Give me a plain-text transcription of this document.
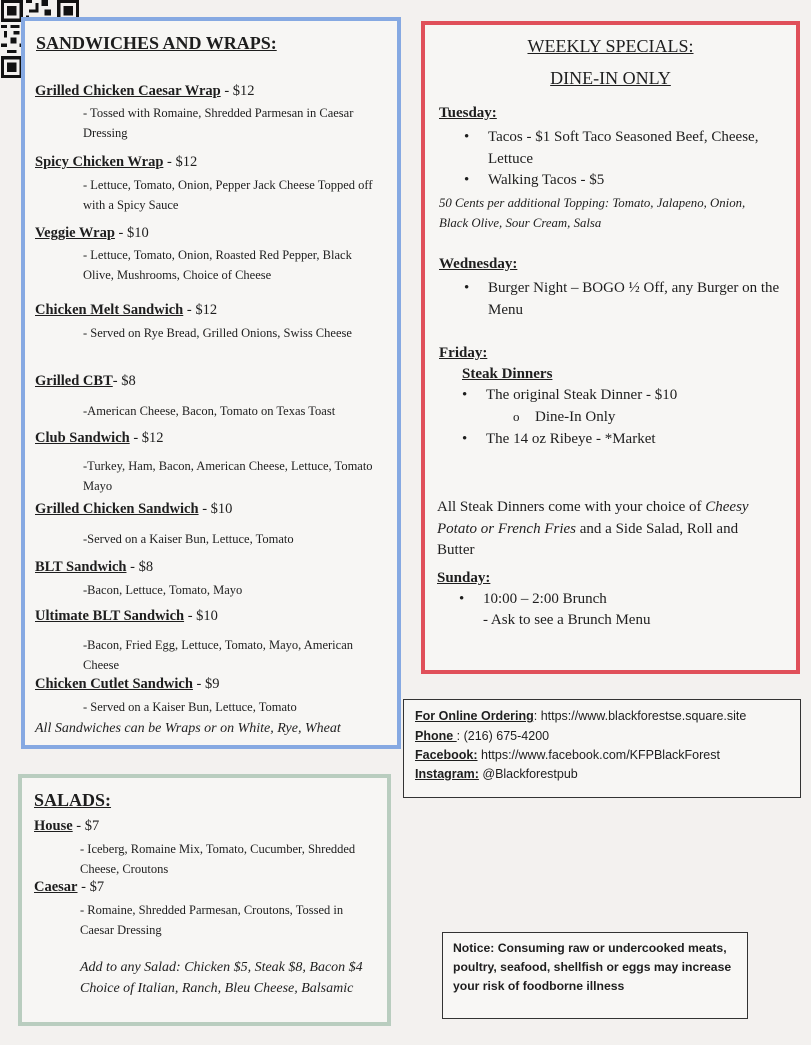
SANDWICHES AND WRAPS:
Grilled Chicken Caesar Wrap - $12
- Tossed with Romaine, Shredded Parmesan in Caesar Dressing
Spicy Chicken Wrap - $12
- Lettuce, Tomato, Onion, Pepper Jack Cheese Topped off with a Spicy Sauce
Veggie Wrap - $10
- Lettuce, Tomato, Onion, Roasted Red Pepper, Black Olive, Mushrooms, Choice of Cheese
Chicken Melt Sandwich - $12
- Served on Rye Bread, Grilled Onions, Swiss Cheese
Grilled CBT- $8
-American Cheese, Bacon, Tomato on Texas Toast
Club Sandwich - $12
-Turkey, Ham, Bacon, American Cheese, Lettuce, Tomato Mayo
Grilled Chicken Sandwich - $10
-Served on a Kaiser Bun, Lettuce, Tomato
BLT Sandwich - $8
-Bacon, Lettuce, Tomato, Mayo
Ultimate BLT Sandwich - $10
-Bacon, Fried Egg, Lettuce, Tomato, Mayo, American Cheese
Chicken Cutlet Sandwich - $9
- Served on a Kaiser Bun, Lettuce, Tomato
All Sandwiches can be Wraps or on White, Rye, Wheat
WEEKLY SPECIALS:
DINE-IN ONLY
Tuesday:
• Tacos - $1 Soft Taco Seasoned Beef, Cheese, Lettuce
• Walking Tacos - $5
50 Cents per additional Topping: Tomato, Jalapeno, Onion, Black Olive, Sour Cream, Salsa
Wednesday:
• Burger Night – BOGO ½ Off, any Burger on the Menu
Friday:
Steak Dinners
• The original Steak Dinner - $10
o Dine-In Only
• The 14 oz Ribeye - *Market
All Steak Dinners come with your choice of Cheesy Potato or French Fries and a Side Salad, Roll and Butter
Sunday:
• 10:00 – 2:00 Brunch
- Ask to see a Brunch Menu
For Online Ordering: https://www.blackforestse.square.site
Phone : (216) 675-4200
Facebook: https://www.facebook.com/KFPBlackForest
Instagram: @Blackforestpub
SALADS:
House - $7
- Iceberg, Romaine Mix, Tomato, Cucumber, Shredded Cheese, Croutons
Caesar - $7
- Romaine, Shredded Parmesan, Croutons, Tossed in Caesar Dressing
Add to any Salad: Chicken $5, Steak $8, Bacon $4 Choice of Italian, Ranch, Bleu Cheese, Balsamic
Notice: Consuming raw or undercooked meats, poultry, seafood, shellfish or eggs may increase your risk of foodborne illness
